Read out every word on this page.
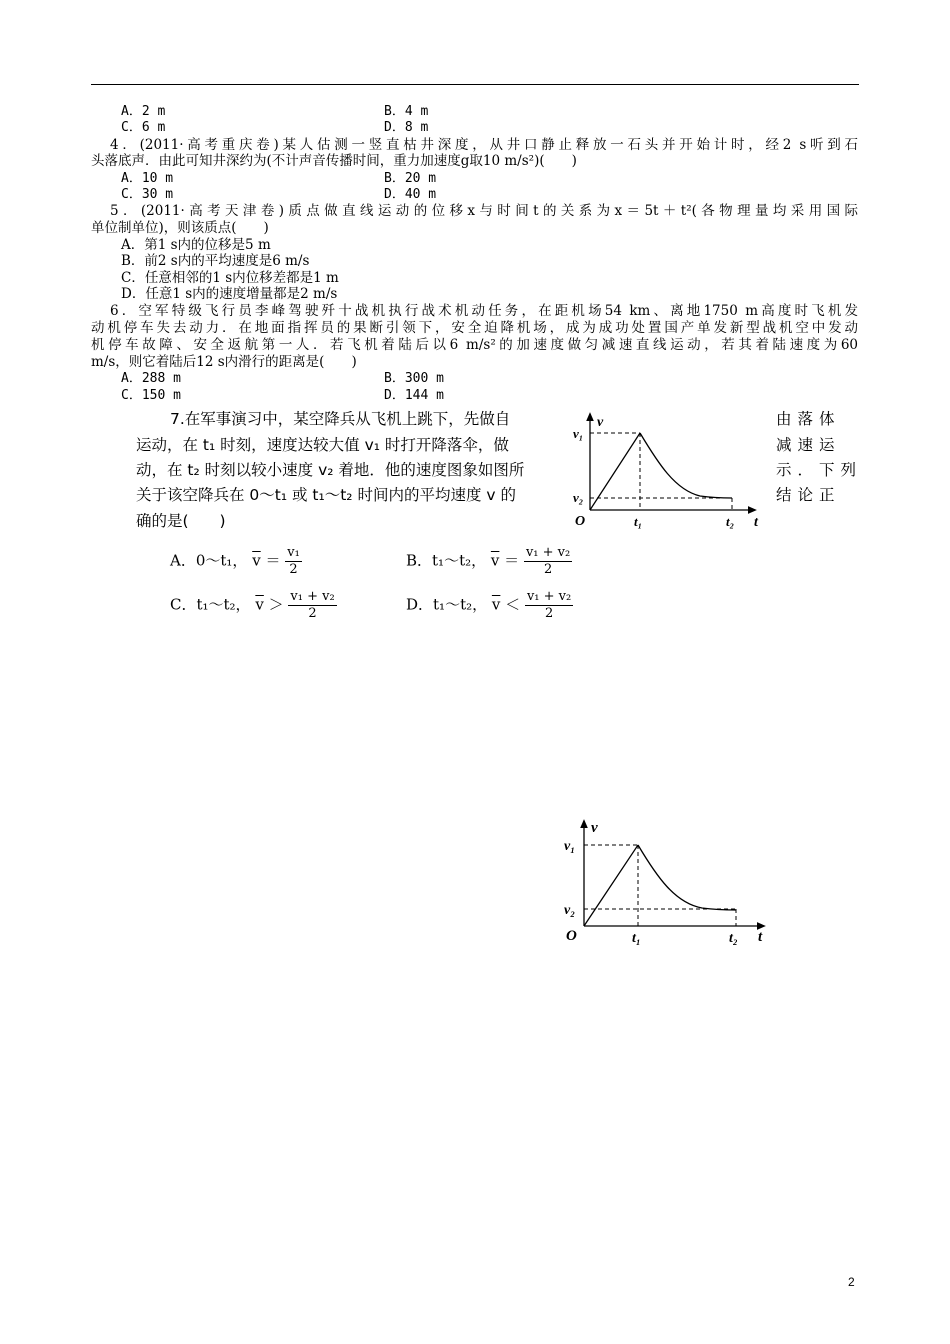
A．2 m	B．4 m
C．6 m	D．8 m
4．(2011·高考重庆卷)某人估测一竖直枯井深度，从井口静止释放一石头并开始计时，经2 s听到石
头落底声．由此可知井深约为(不计声音传播时间，重力加速度g取10 m/s²)(　　)
A．10 m	B．20 m
C．30 m	D．40 m
5．(2011·高考天津卷)质点做直线运动的位移x与时间t的关系为x＝5t＋t²(各物理量均采用国际
单位制单位)，则该质点(　　)
A．第1 s内的位移是5 m
B．前2 s内的平均速度是6 m/s
C．任意相邻的1 s内位移差都是1 m
D．任意1 s内的速度增量都是2 m/s
6．空军特级飞行员李峰驾驶歼十战机执行战术机动任务，在距机场54 km、离地1750 m高度时飞机发
动机停车失去动力．在地面指挥员的果断引领下，安全迫降机场，成为成功处置国产单发新型战机空中发动
机停车故障、安全返航第一人．若飞机着陆后以6 m/s²的加速度做匀减速直线运动，若其着陆速度为60
m/s，则它着陆后12 s内滑行的距离是(　　)
A．288 m	B．300 m
C．150 m	D．144 m
7.在军事演习中，某空降兵从飞机上跳下，先做自
运动，在 t₁ 时刻，速度达较大值 v₁ 时打开降落伞，做
动，在 t₂ 时刻以较小速度 v₂ 着地．他的速度图象如图所
关于该空降兵在 0～t₁ 或 t₁～t₂ 时间内的平均速度 v 的
确的是(　　)
由落体
减速运
示．下列
结论正
A．0～t₁， $\overline{v} = \frac{\text{v₁}}{2}$	B．t₁～t₂， $\overline{v} = \frac{\text{v₁ + v₂}}{2}$
C．t₁～t₂， $\overline{v} > \frac{\text{v₁ + v₂}}{2}$	D．t₁～t₂， $\overline{v} < \frac{\text{v₁ + v₂}}{2}$
v
t
O
v₁
v₂
t₁	t₂
v
t
O
v₁
v₂
t₁	t₂
2
